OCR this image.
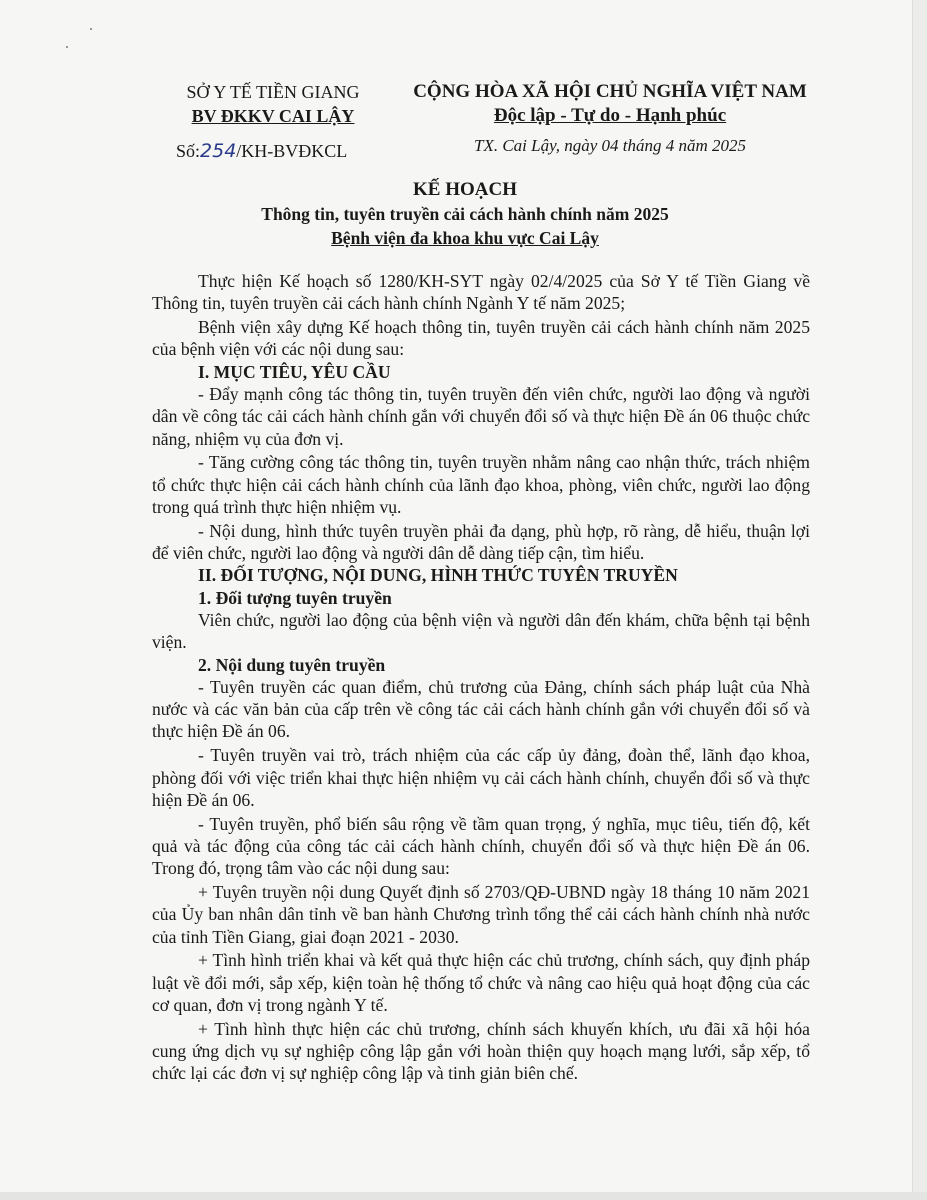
SỞ Y TẾ TIỀN GIANG
BV ĐKKV CAI LẬY
Số:254/KH-BVĐKCL
CỘNG HÒA XÃ HỘI CHỦ NGHĨA VIỆT NAM
Độc lập - Tự do - Hạnh phúc
TX. Cai Lậy, ngày 04 tháng 4 năm 2025
KẾ HOẠCH
Thông tin, tuyên truyền cải cách hành chính năm 2025
Bệnh viện đa khoa khu vực Cai Lậy

Thực hiện Kế hoạch số 1280/KH-SYT ngày 02/4/2025 của Sở Y tế Tiền Giang về Thông tin, tuyên truyền cải cách hành chính Ngành Y tế năm 2025;

Bệnh viện xây dựng Kế hoạch thông tin, tuyên truyền cải cách hành chính năm 2025 của bệnh viện với các nội dung sau:

I. MỤC TIÊU, YÊU CẦU

- Đẩy mạnh công tác thông tin, tuyên truyền đến viên chức, người lao động và người dân về công tác cải cách hành chính gắn với chuyển đổi số và thực hiện Đề án 06 thuộc chức năng, nhiệm vụ của đơn vị.

- Tăng cường công tác thông tin, tuyên truyền nhằm nâng cao nhận thức, trách nhiệm tổ chức thực hiện cải cách hành chính của lãnh đạo khoa, phòng, viên chức, người lao động trong quá trình thực hiện nhiệm vụ.

- Nội dung, hình thức tuyên truyền phải đa dạng, phù hợp, rõ ràng, dễ hiểu, thuận lợi để viên chức, người lao động và người dân dễ dàng tiếp cận, tìm hiểu.

II. ĐỐI TƯỢNG, NỘI DUNG, HÌNH THỨC TUYÊN TRUYỀN
1. Đối tượng tuyên truyền

Viên chức, người lao động của bệnh viện và người dân đến khám, chữa bệnh tại bệnh viện.

2. Nội dung tuyên truyền

- Tuyên truyền các quan điểm, chủ trương của Đảng, chính sách pháp luật của Nhà nước và các văn bản của cấp trên về công tác cải cách hành chính gắn với chuyển đổi số và thực hiện Đề án 06.

- Tuyên truyền vai trò, trách nhiệm của các cấp ủy đảng, đoàn thể, lãnh đạo khoa, phòng đối với việc triển khai thực hiện nhiệm vụ cải cách hành chính, chuyển đổi số và thực hiện Đề án 06.

- Tuyên truyền, phổ biến sâu rộng về tầm quan trọng, ý nghĩa, mục tiêu, tiến độ, kết quả và tác động của công tác cải cách hành chính, chuyển đổi số và thực hiện Đề án 06. Trong đó, trọng tâm vào các nội dung sau:

+ Tuyên truyền nội dung Quyết định số 2703/QĐ-UBND ngày 18 tháng 10 năm 2021 của Ủy ban nhân dân tỉnh về ban hành Chương trình tổng thể cải cách hành chính nhà nước của tỉnh Tiền Giang, giai đoạn 2021 - 2030.

+ Tình hình triển khai và kết quả thực hiện các chủ trương, chính sách, quy định pháp luật về đổi mới, sắp xếp, kiện toàn hệ thống tổ chức và nâng cao hiệu quả hoạt động của các cơ quan, đơn vị trong ngành Y tế.

+ Tình hình thực hiện các chủ trương, chính sách khuyến khích, ưu đãi xã hội hóa cung ứng dịch vụ sự nghiệp công lập gắn với hoàn thiện quy hoạch mạng lưới, sắp xếp, tổ chức lại các đơn vị sự nghiệp công lập và tinh giản biên chế.
